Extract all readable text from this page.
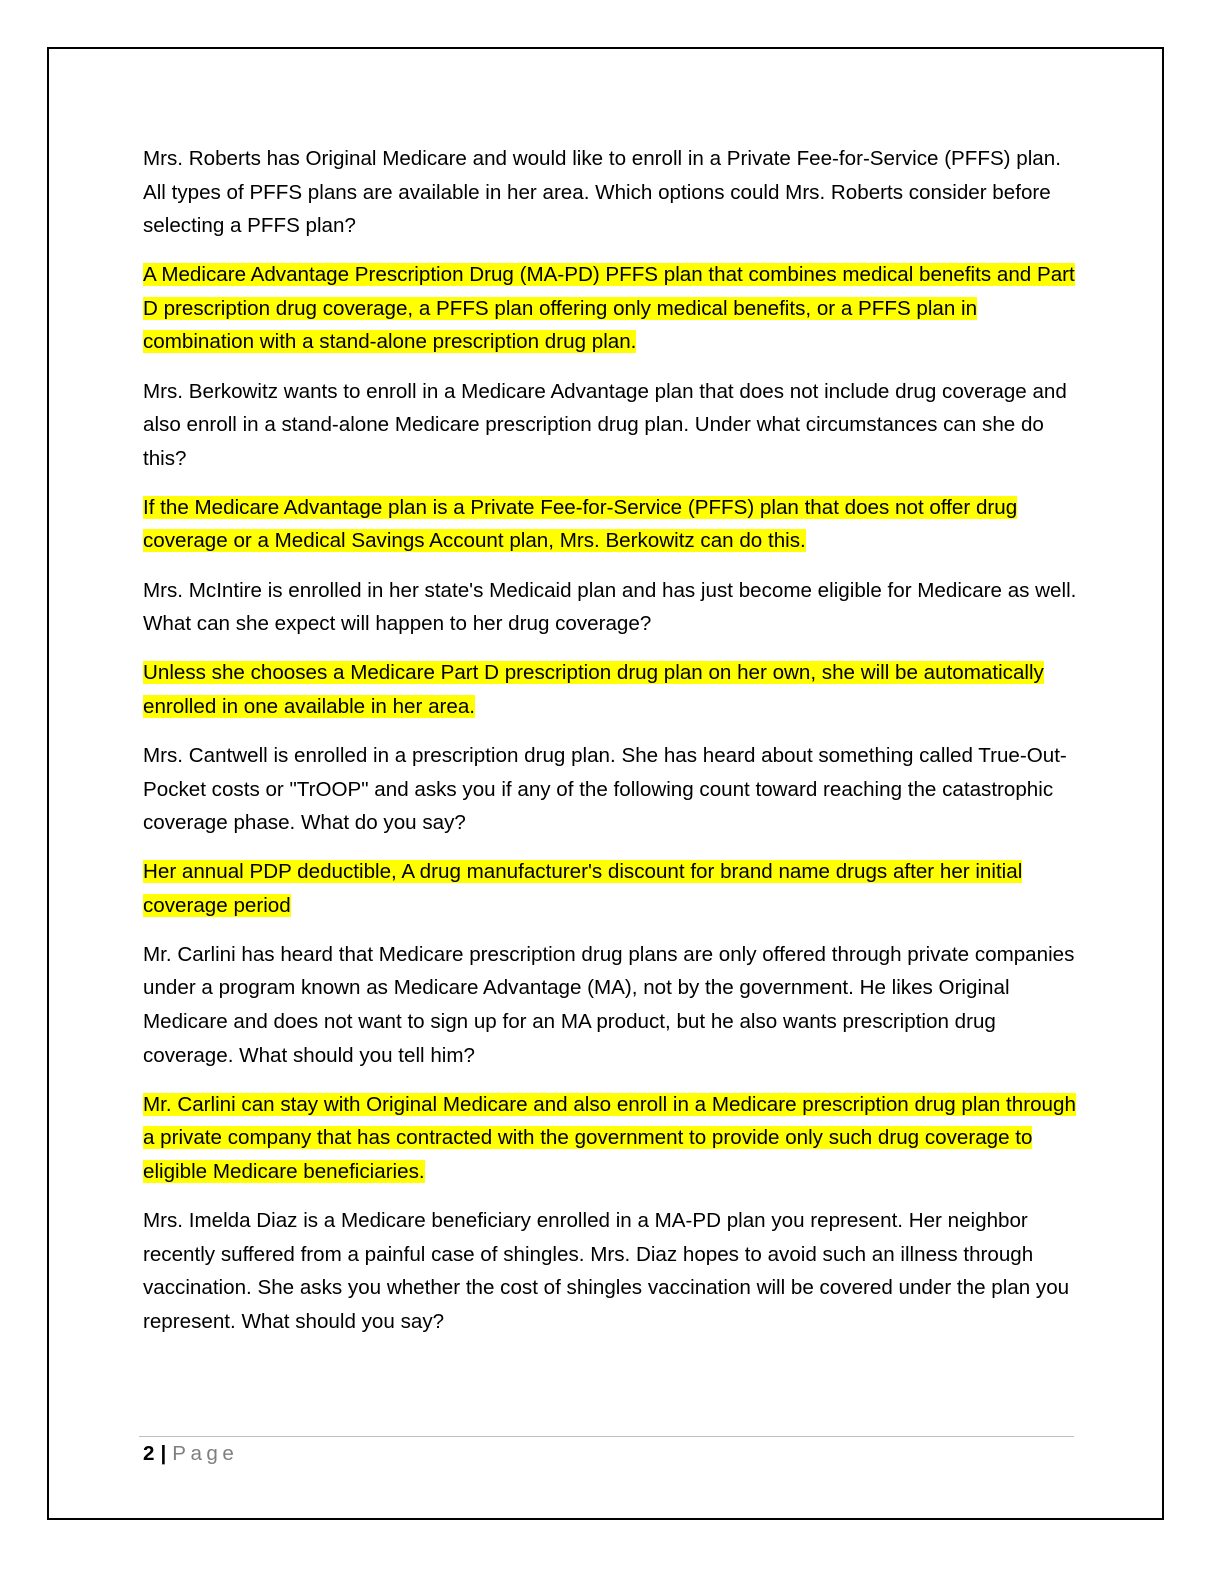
Mrs. Roberts has Original Medicare and would like to enroll in a Private Fee-for-Service (PFFS) plan. All types of PFFS plans are available in her area. Which options could Mrs. Roberts consider before selecting a PFFS plan?

A Medicare Advantage Prescription Drug (MA-PD) PFFS plan that combines medical benefits and Part D prescription drug coverage, a PFFS plan offering only medical benefits, or a PFFS plan in combination with a stand-alone prescription drug plan.

Mrs. Berkowitz wants to enroll in a Medicare Advantage plan that does not include drug coverage and also enroll in a stand-alone Medicare prescription drug plan. Under what circumstances can she do this?

If the Medicare Advantage plan is a Private Fee-for-Service (PFFS) plan that does not offer drug coverage or a Medical Savings Account plan, Mrs. Berkowitz can do this.

Mrs. McIntire is enrolled in her state's Medicaid plan and has just become eligible for Medicare as well. What can she expect will happen to her drug coverage?

Unless she chooses a Medicare Part D prescription drug plan on her own, she will be automatically enrolled in one available in her area.

Mrs. Cantwell is enrolled in a prescription drug plan. She has heard about something called True-Out-Pocket costs or "TrOOP" and asks you if any of the following count toward reaching the catastrophic coverage phase. What do you say?

Her annual PDP deductible, A drug manufacturer's discount for brand name drugs after her initial coverage period

Mr. Carlini has heard that Medicare prescription drug plans are only offered through private companies under a program known as Medicare Advantage (MA), not by the government. He likes Original Medicare and does not want to sign up for an MA product, but he also wants prescription drug coverage. What should you tell him?

Mr. Carlini can stay with Original Medicare and also enroll in a Medicare prescription drug plan through a private company that has contracted with the government to provide only such drug coverage to eligible Medicare beneficiaries.

Mrs. Imelda Diaz is a Medicare beneficiary enrolled in a MA-PD plan you represent. Her neighbor recently suffered from a painful case of shingles. Mrs. Diaz hopes to avoid such an illness through vaccination. She asks you whether the cost of shingles vaccination will be covered under the plan you represent. What should you say?

2 | Page
